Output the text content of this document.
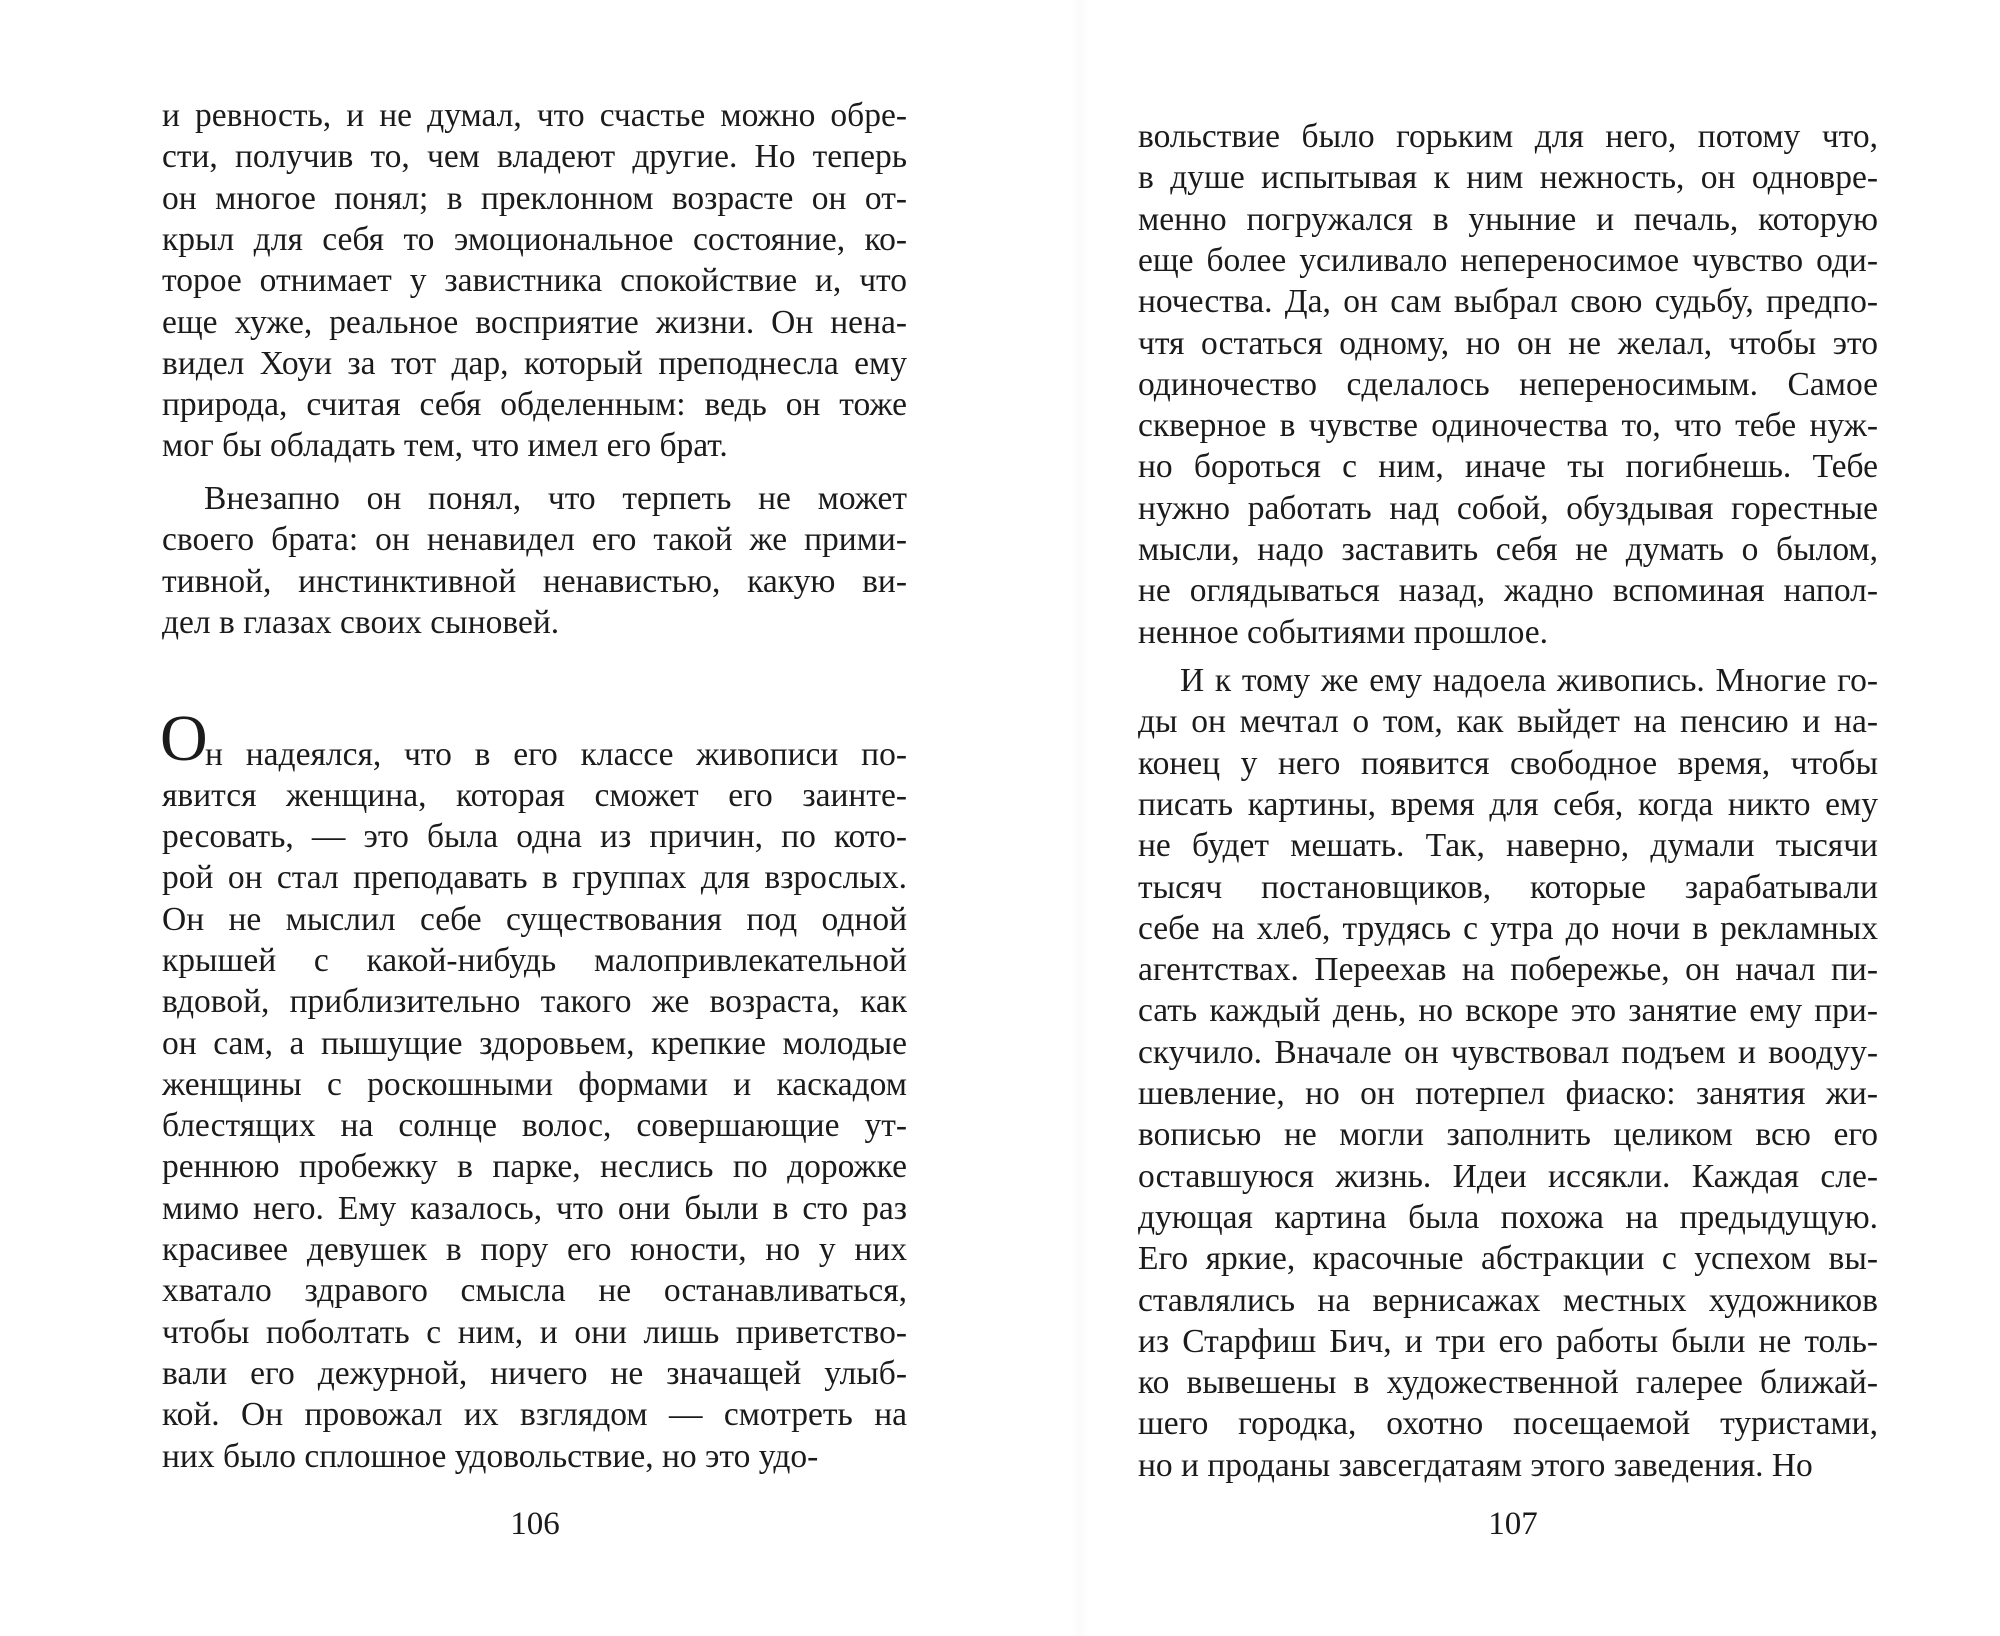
и ревность, и не думал, что счастье можно обре-
сти, получив то, чем владеют другие. Но теперь
он многое понял; в преклонном возрасте он от-
крыл для себя то эмоциональное состояние, ко-
торое отнимает у завистника спокойствие и, что
еще хуже, реальное восприятие жизни. Он нена-
видел Хоуи за тот дар, который преподнесла ему
природа, считая себя обделенным: ведь он тоже
мог бы обладать тем, что имел его брат.
Внезапно он понял, что терпеть не может
своего брата: он ненавидел его такой же прими-
тивной, инстинктивной ненавистью, какую ви-
дел в глазах своих сыновей.
О
н надеялся, что в его классе живописи по-
явится женщина, которая сможет его заинте-
ресовать, — это была одна из причин, по кото-
рой он стал преподавать в группах для взрослых.
Он не мыслил себе существования под одной
крышей с какой-нибудь малопривлекательной
вдовой, приблизительно такого же возраста, как
он сам, а пышущие здоровьем, крепкие молодые
женщины с роскошными формами и каскадом
блестящих на солнце волос, совершающие ут-
реннюю пробежку в парке, неслись по дорожке
мимо него. Ему казалось, что они были в сто раз
красивее девушек в пору его юности, но у них
хватало здравого смысла не останавливаться,
чтобы поболтать с ним, и они лишь приветство-
вали его дежурной, ничего не значащей улыб-
кой. Он провожал их взглядом — смотреть на
них было сплошное удовольствие, но это удо-
106
вольствие было горьким для него, потому что,
в душе испытывая к ним нежность, он одновре-
менно погружался в уныние и печаль, которую
еще более усиливало непереносимое чувство оди-
ночества. Да, он сам выбрал свою судьбу, предпо-
чтя остаться одному, но он не желал, чтобы это
одиночество сделалось непереносимым. Самое
скверное в чувстве одиночества то, что тебе нуж-
но бороться с ним, иначе ты погибнешь. Тебе
нужно работать над собой, обуздывая горестные
мысли, надо заставить себя не думать о былом,
не оглядываться назад, жадно вспоминая напол-
ненное событиями прошлое.
И к тому же ему надоела живопись. Многие го-
ды он мечтал о том, как выйдет на пенсию и на-
конец у него появится свободное время, чтобы
писать картины, время для себя, когда никто ему
не будет мешать. Так, наверно, думали тысячи
тысяч постановщиков, которые зарабатывали
себе на хлеб, трудясь с утра до ночи в рекламных
агентствах. Переехав на побережье, он начал пи-
сать каждый день, но вскоре это занятие ему при-
скучило. Вначале он чувствовал подъем и воодуу-
шевление, но он потерпел фиаско: занятия жи-
вописью не могли заполнить целиком всю его
оставшуюся жизнь. Идеи иссякли. Каждая сле-
дующая картина была похожа на предыдущую.
Его яркие, красочные абстракции с успехом вы-
ставлялись на вернисажах местных художников
из Старфиш Бич, и три его работы были не толь-
ко вывешены в художественной галерее ближай-
шего городка, охотно посещаемой туристами,
но и проданы завсегдатаям этого заведения. Но
107
